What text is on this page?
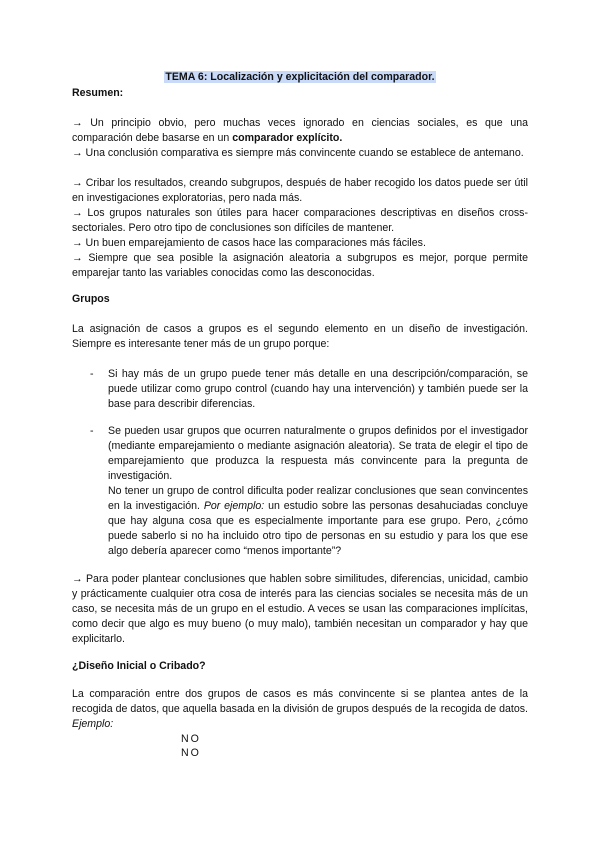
TEMA 6: Localización y explicitación del comparador.
Resumen:
→ Un principio obvio, pero muchas veces ignorado en ciencias sociales, es que una comparación debe basarse en un comparador explícito.
→ Una conclusión comparativa es siempre más convincente cuando se establece de antemano.
→ Cribar los resultados, creando subgrupos, después de haber recogido los datos puede ser útil en investigaciones exploratorias, pero nada más.
→ Los grupos naturales son útiles para hacer comparaciones descriptivas en diseños cross-sectoriales. Pero otro tipo de conclusiones son difíciles de mantener.
→ Un buen emparejamiento de casos hace las comparaciones más fáciles.
→ Siempre que sea posible la asignación aleatoria a subgrupos es mejor, porque permite emparejar tanto las variables conocidas como las desconocidas.
Grupos
La asignación de casos a grupos es el segundo elemento en un diseño de investigación. Siempre es interesante tener más de un grupo porque:
- Si hay más de un grupo puede tener más detalle en una descripción/comparación, se puede utilizar como grupo control (cuando hay una intervención) y también puede ser la base para describir diferencias.
- Se pueden usar grupos que ocurren naturalmente o grupos definidos por el investigador (mediante emparejamiento o mediante asignación aleatoria). Se trata de elegir el tipo de emparejamiento que produzca la respuesta más convincente para la pregunta de investigación.
No tener un grupo de control dificulta poder realizar conclusiones que sean convincentes en la investigación. Por ejemplo: un estudio sobre las personas desahuciadas concluye que hay alguna cosa que es especialmente importante para ese grupo. Pero, ¿cómo puede saberlo si no ha incluido otro tipo de personas en su estudio y para los que ese algo debería aparecer como “menos importante”?
→ Para poder plantear conclusiones que hablen sobre similitudes, diferencias, unicidad, cambio y prácticamente cualquier otra cosa de interés para las ciencias sociales se necesita más de un caso, se necesita más de un grupo en el estudio. A veces se usan las comparaciones implícitas, como decir que algo es muy bueno (o muy malo), también necesitan un comparador y hay que explicitarlo.
¿Diseño Inicial o Cribado?
La comparación entre dos grupos de casos es más convincente si se plantea antes de la recogida de datos, que aquella basada en la división de grupos después de la recogida de datos. Ejemplo:
NO
NO
